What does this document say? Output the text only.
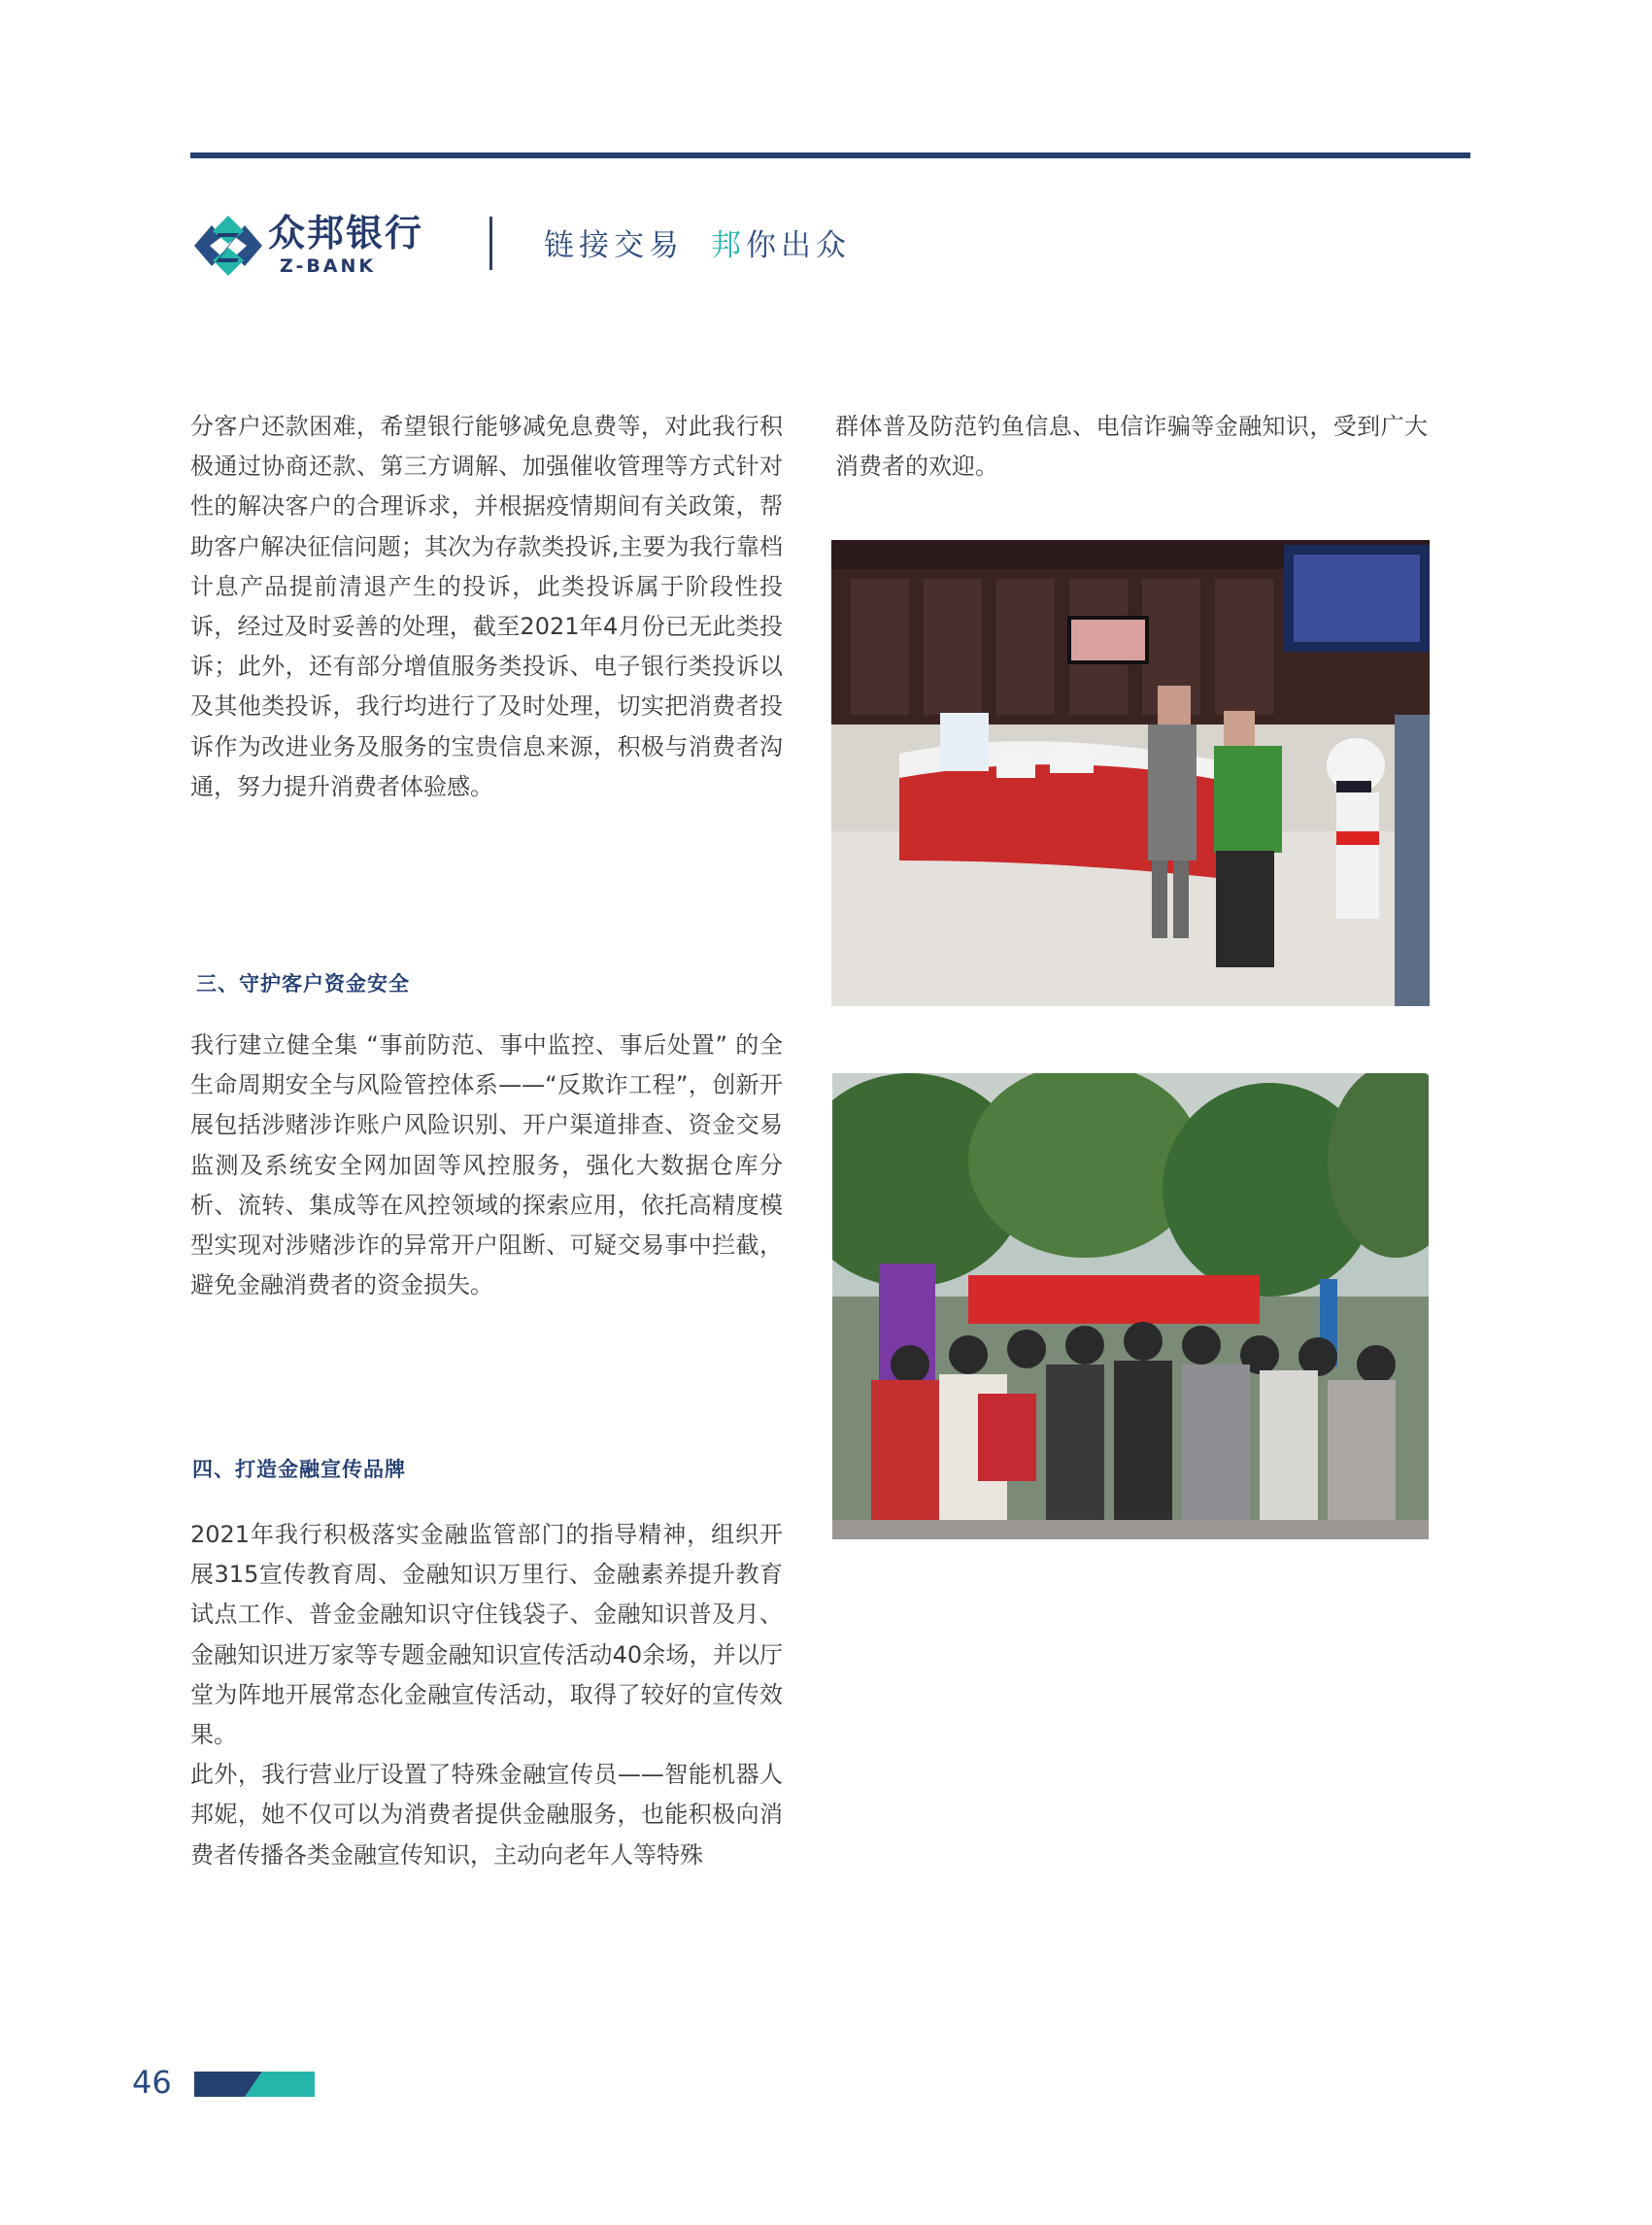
众邦银行
Z-BANK
链接交易 邦你出众

分客户还款困难，希望银行能够减免息费等，对此我行积极通过协商还款、第三方调解、加强催收管理等方式针对性的解决客户的合理诉求，并根据疫情期间有关政策，帮助客户解决征信问题；其次为存款类投诉,主要为我行靠档计息产品提前清退产生的投诉，此类投诉属于阶段性投诉，经过及时妥善的处理，截至2021年4月份已无此类投诉；此外，还有部分增值服务类投诉、电子银行类投诉以及其他类投诉，我行均进行了及时处理，切实把消费者投诉作为改进业务及服务的宝贵信息来源，积极与消费者沟通，努力提升消费者体验感。

三、守护客户资金安全

我行建立健全集 “事前防范、事中监控、事后处置” 的全生命周期安全与风险管控体系——“反欺诈工程”，创新开展包括涉赌涉诈账户风险识别、开户渠道排查、资金交易监测及系统安全网加固等风控服务，强化大数据仓库分析、流转、集成等在风控领域的探索应用，依托高精度模型实现对涉赌涉诈的异常开户阻断、可疑交易事中拦截， 避免金融消费者的资金损失。

四、打造金融宣传品牌

2021年我行积极落实金融监管部门的指导精神，组织开展315宣传教育周、金融知识万里行、金融素养提升教育试点工作、普金金融知识守住钱袋子、金融知识普及月、金融知识进万家等专题金融知识宣传活动40余场，并以厅堂为阵地开展常态化金融宣传活动，取得了较好的宣传效果。

此外，我行营业厅设置了特殊金融宣传员——智能机器人邦妮，她不仅可以为消费者提供金融服务，也能积极向消费者传播各类金融宣传知识，主动向老年人等特殊

群体普及防范钓鱼信息、电信诈骗等金融知识，受到广大消费者的欢迎。

46
